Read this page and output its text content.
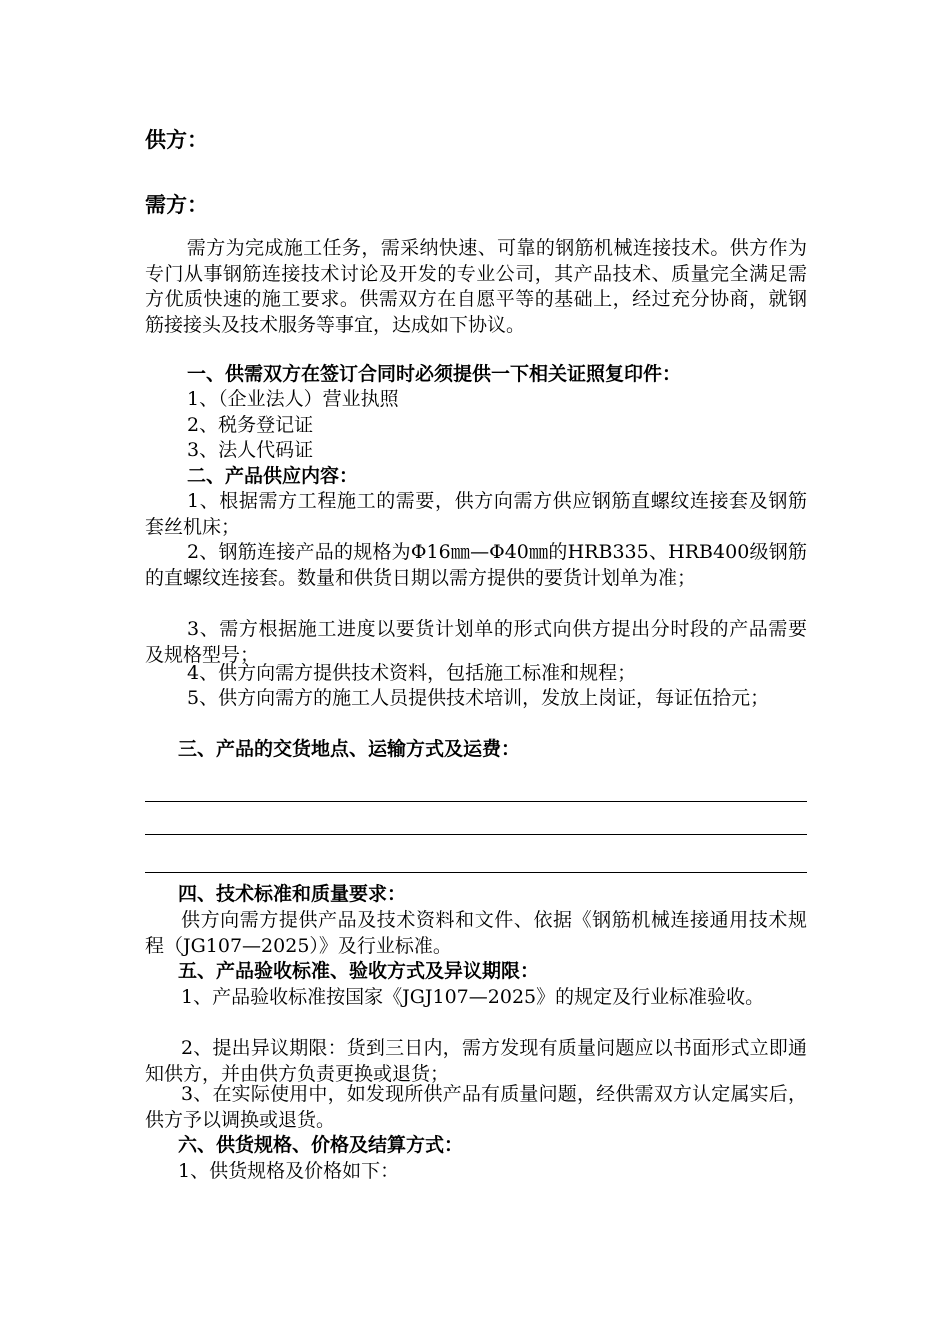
供方：
需方：
需方为完成施工任务，需采纳快速、可靠的钢筋机械连接技术。供方作为专门从事钢筋连接技术讨论及开发的专业公司，其产品技术、质量完全满足需方优质快速的施工要求。供需双方在自愿平等的基础上，经过充分协商，就钢筋接接头及技术服务等事宜，达成如下协议。
一、供需双方在签订合同时必须提供一下相关证照复印件：
1、（企业法人）营业执照
2、税务登记证
3、法人代码证
二、产品供应内容：
1、根据需方工程施工的需要，供方向需方供应钢筋直螺纹连接套及钢筋套丝机床；
2、钢筋连接产品的规格为Φ16㎜—Φ40㎜的HRB335、HRB400级钢筋的直螺纹连接套。数量和供货日期以需方提供的要货计划单为准；
3、需方根据施工进度以要货计划单的形式向供方提出分时段的产品需要及规格型号；
4、供方向需方提供技术资料，包括施工标准和规程；
5、供方向需方的施工人员提供技术培训，发放上岗证，每证伍拾元；
三、产品的交货地点、运输方式及运费：
四、技术标准和质量要求：
供方向需方提供产品及技术资料和文件、依据《钢筋机械连接通用技术规程（JG107—2025）》及行业标准。
五、产品验收标准、验收方式及异议期限：
1、产品验收标准按国家《JGJ107—2025》的规定及行业标准验收。
2、提出异议期限：货到三日内，需方发现有质量问题应以书面形式立即通知供方，并由供方负责更换或退货；
3、在实际使用中，如发现所供产品有质量问题，经供需双方认定属实后，供方予以调换或退货。
六、供货规格、价格及结算方式：
1、供货规格及价格如下：
